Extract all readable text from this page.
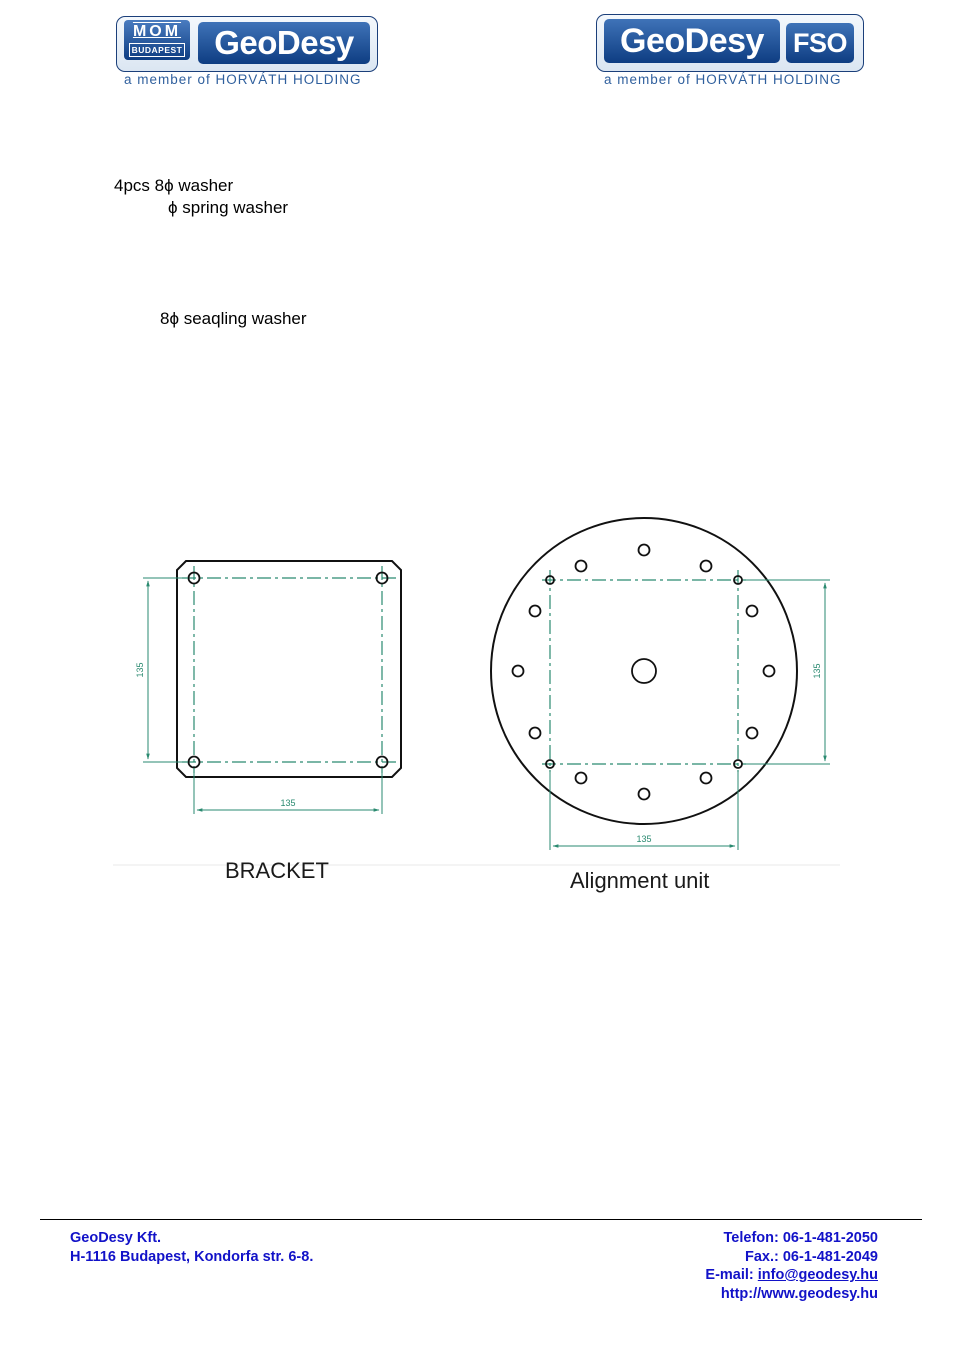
MOM
BUDAPEST GeoDesy
a member of HORVÁTH HOLDING
GeoDesy	FSO
a member of HORVÁTH HOLDING
4pcs 8ϕ washer
ϕ spring washer
8ϕ seaqling washer
135
135
135
135
BRACKET	Alignment unit
GeoDesy Kft.
H-1116 Budapest, Kondorfa str. 6-8.
Telefon: 06-1-481-2050
Fax.: 06-1-481-2049
E-mail: info@geodesy.hu
http://www.geodesy.hu
